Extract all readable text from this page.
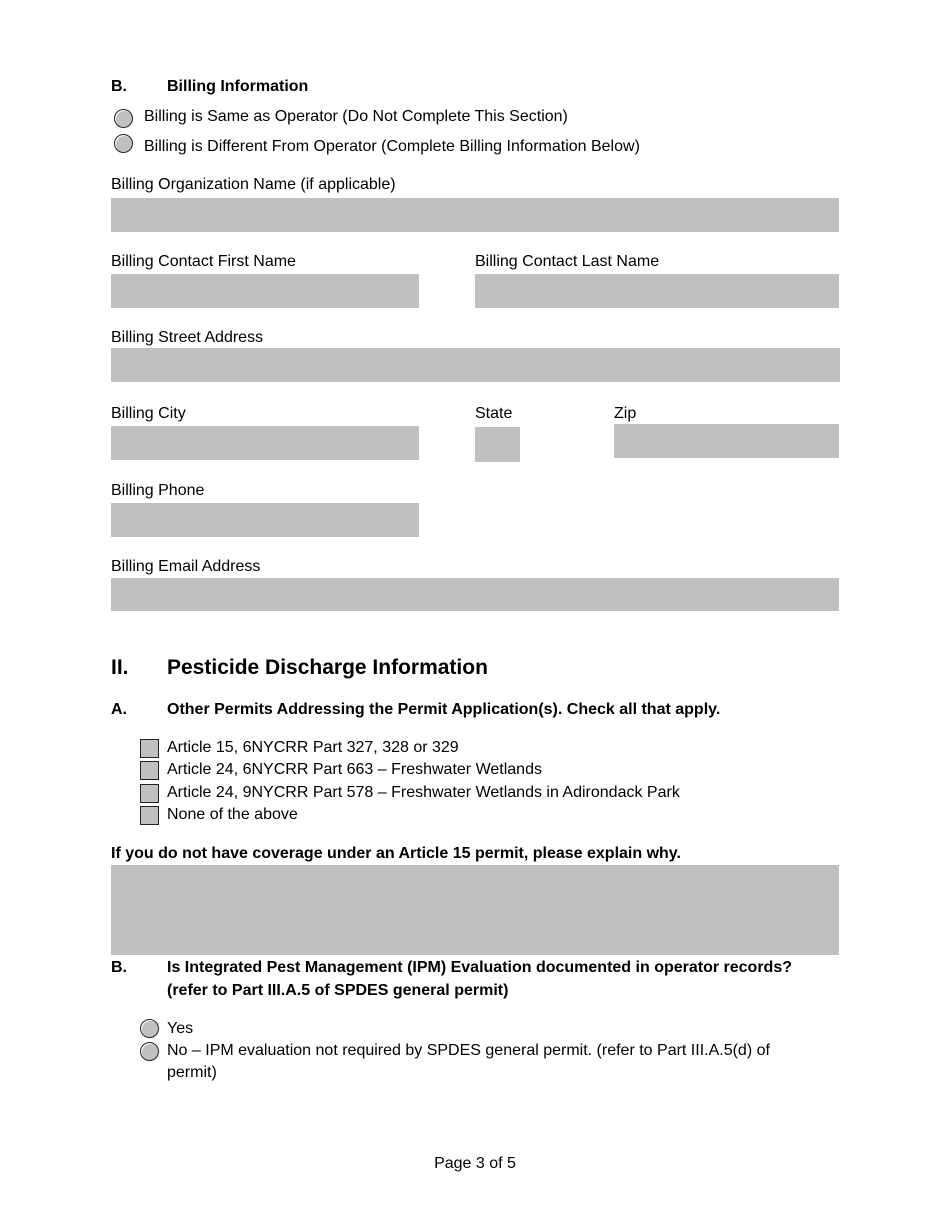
B.	Billing Information
Billing is Same as Operator (Do Not Complete This Section)
Billing is Different From Operator (Complete Billing Information Below)
Billing Organization Name (if applicable)
Billing Contact First Name	Billing Contact Last Name
Billing Street Address
Billing City	State	Zip
Billing Phone
Billing Email Address
II. Pesticide Discharge Information
A.	Other Permits Addressing the Permit Application(s). Check all that apply.
Article 15, 6NYCRR Part 327, 328 or 329
Article 24, 6NYCRR Part 663 – Freshwater Wetlands
Article 24, 9NYCRR Part 578 – Freshwater Wetlands in Adirondack Park
None of the above
If you do not have coverage under an Article 15 permit, please explain why.
B.	Is Integrated Pest Management (IPM) Evaluation documented in operator records?
(refer to Part III.A.5 of SPDES general permit)
Yes
No – IPM evaluation not required by SPDES general permit. (refer to Part III.A.5(d) of
permit)
Page 3 of 5
